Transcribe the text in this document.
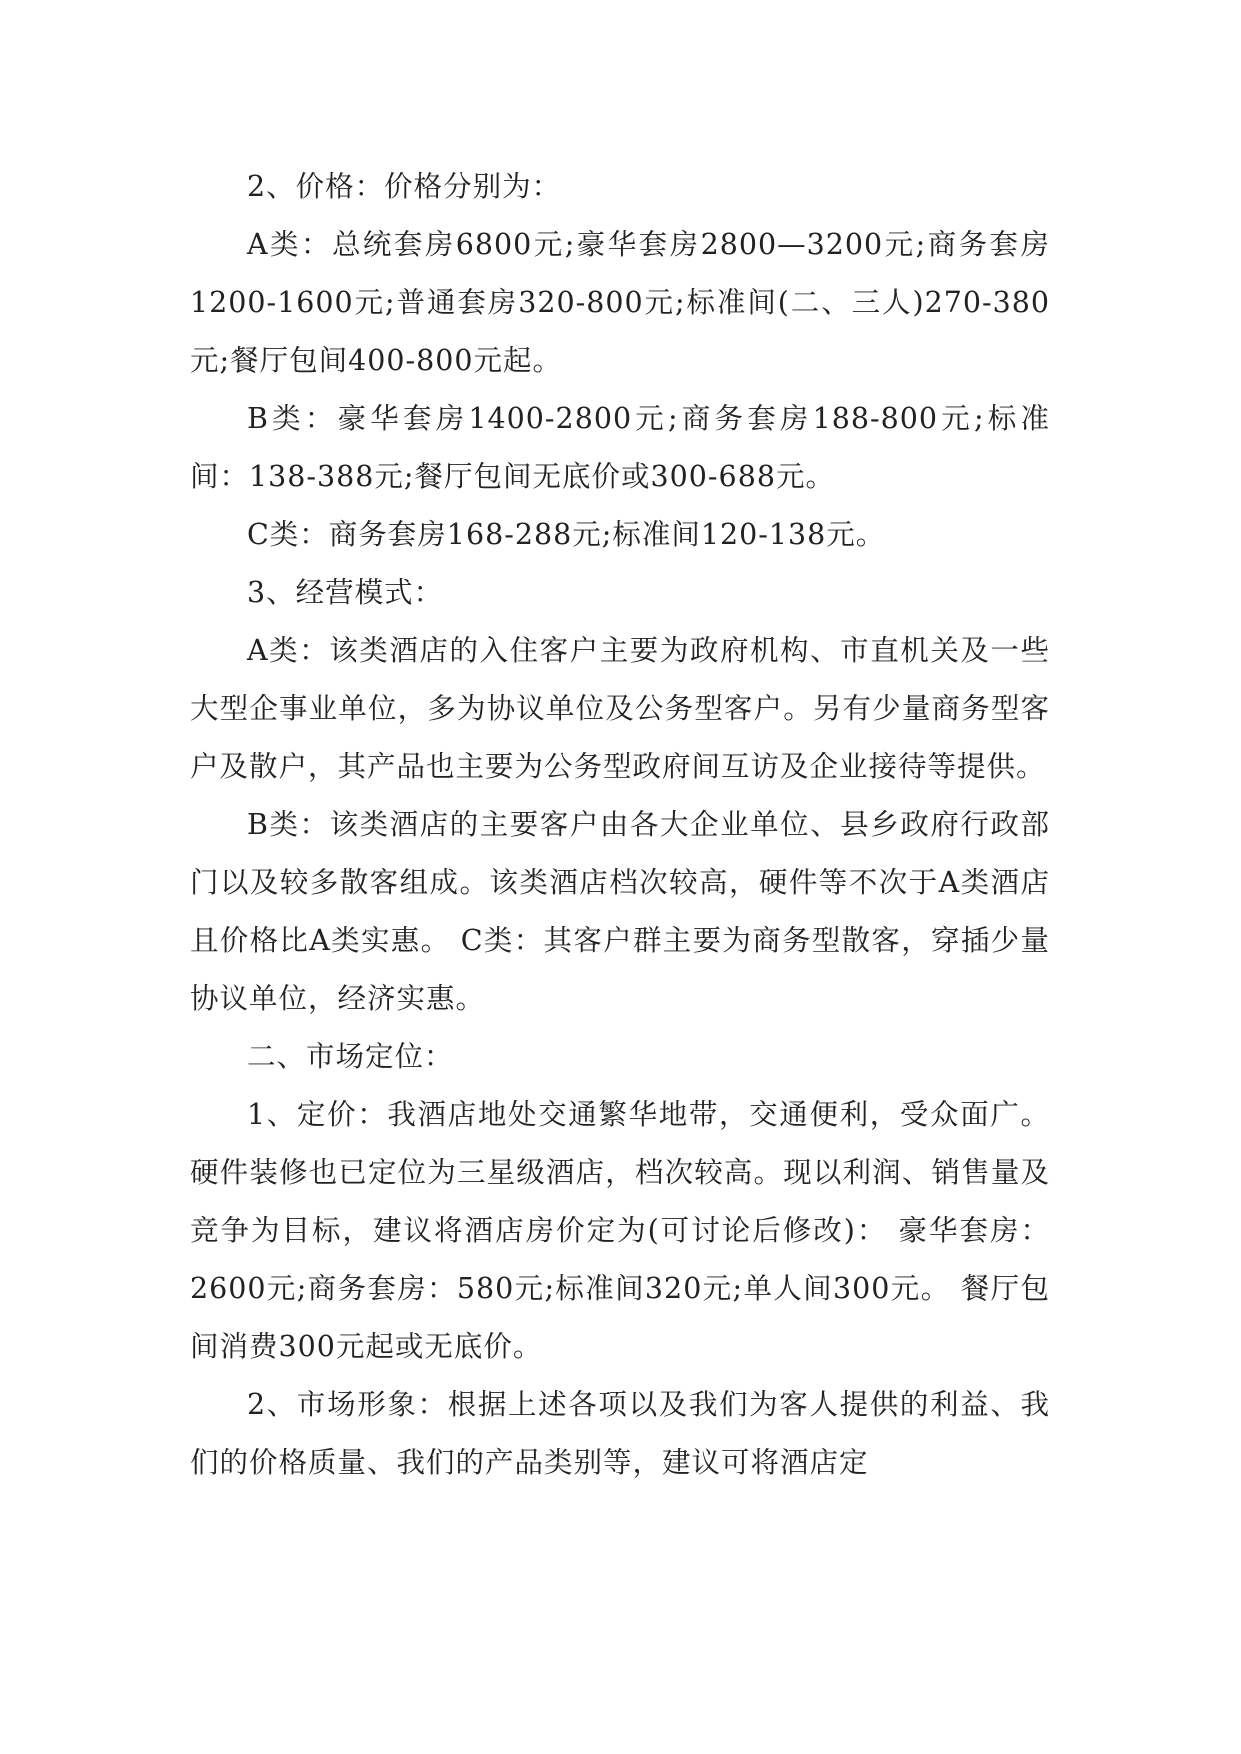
2、价格：价格分别为：

A类：总统套房6800元;豪华套房2800—3200元;商务套房1200-1600元;普通套房320-800元;标准间(二、三人)270-380元;餐厅包间400-800元起。

B类：豪华套房1400-2800元;商务套房188-800元;标准间：138-388元;餐厅包间无底价或300-688元。

C类：商务套房168-288元;标准间120-138元。

3、经营模式：

A类：该类酒店的入住客户主要为政府机构、市直机关及一些大型企事业单位，多为协议单位及公务型客户。另有少量商务型客户及散户，其产品也主要为公务型政府间互访及企业接待等提供。

B类：该类酒店的主要客户由各大企业单位、县乡政府行政部门以及较多散客组成。该类酒店档次较高，硬件等不次于A类酒店且价格比A类实惠。 C类：其客户群主要为商务型散客，穿插少量协议单位，经济实惠。

二、市场定位：

1、定价：我酒店地处交通繁华地带，交通便利，受众面广。硬件装修也已定位为三星级酒店，档次较高。现以利润、销售量及竞争为目标，建议将酒店房价定为(可讨论后修改)： 豪华套房：2600元;商务套房：580元;标准间320元;单人间300元。 餐厅包间消费300元起或无底价。

2、市场形象：根据上述各项以及我们为客人提供的利益、我们的价格质量、我们的产品类别等，建议可将酒店定
